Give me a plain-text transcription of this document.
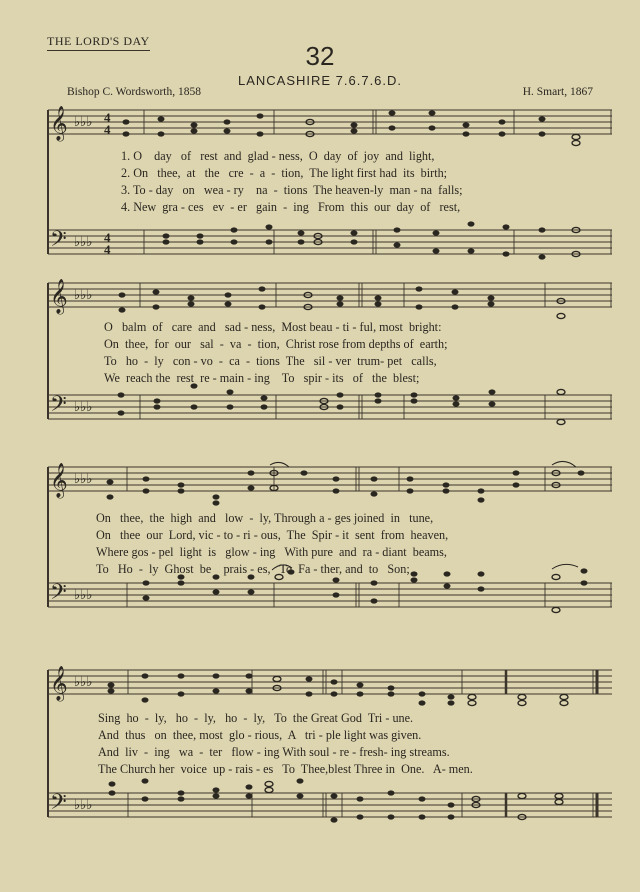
THE LORD'S DAY	32
LANCASHIRE 7.6.7.6.D.
Bishop C. Wordsworth, 1858	H. Smart, 1867
𝄞
𝄢
♭♭♭
♭♭♭
4
4
4
4
1. O    day   of   rest  and  glad - ness,  O  day  of  joy  and  light,
2. On   thee,  at   the   cre  -  a  -  tion,  The light first had  its  birth;
3. To - day   on   wea - ry    na  -  tions  The heaven-ly  man - na  falls;
4. New  gra - ces   ev  - er   gain  -  ing   From  this  our  day  of   rest,
𝄞
𝄢
♭♭♭
♭♭♭
O   balm  of   care  and   sad - ness,  Most beau - ti - ful, most  bright:
On  thee,  for  our   sal  -  va  -  tion,  Christ rose from depths of  earth;
To   ho  -  ly   con - vo  -  ca  -  tions  The   sil - ver  trum- pet   calls,
We  reach the  rest  re - main - ing    To   spir - its   of   the  blest;
𝄞
𝄢
♭♭♭
♭♭♭
On   thee,  the  high  and   low  -  ly, Through a - ges joined  in   tune,
On   thee  our  Lord, vic - to - ri - ous,  The  Spir - it  sent  from  heaven,
Where gos - pel  light  is   glow - ing   With pure  and  ra - diant  beams,
To   Ho  -  ly  Ghost  be    prais - es,   To  Fa - ther, and  to   Son;
𝄞
𝄢
♭♭♭
♭♭♭
Sing  ho  -  ly,   ho  -  ly,   ho  -  ly,   To  the Great God  Tri - une.
And  thus   on  thee, most  glo - rious,  A   tri - ple light was given.
And  liv  -  ing   wa  -  ter   flow - ing With soul - re - fresh- ing streams.
The Church her  voice  up - rais - es   To  Thee,blest Three in  One.   A- men.
